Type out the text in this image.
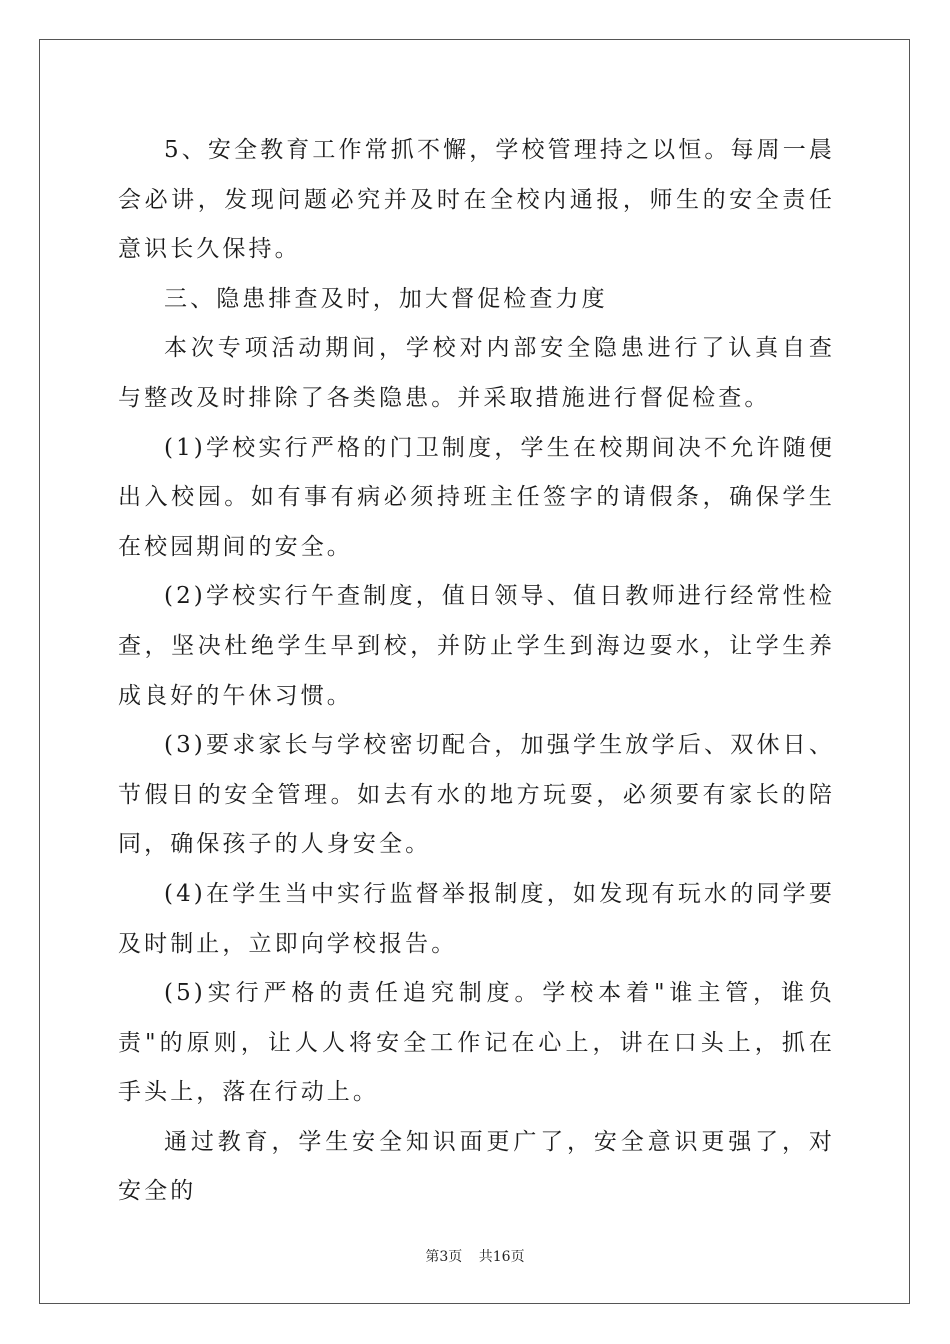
5、安全教育工作常抓不懈，学校管理持之以恒。每周一晨会必讲，发现问题必究并及时在全校内通报，师生的安全责任意识长久保持。

三、隐患排查及时，加大督促检查力度

本次专项活动期间，学校对内部安全隐患进行了认真自查与整改及时排除了各类隐患。并采取措施进行督促检查。

(1)学校实行严格的门卫制度，学生在校期间决不允许随便出入校园。如有事有病必须持班主任签字的请假条，确保学生在校园期间的安全。

(2)学校实行午查制度，值日领导、值日教师进行经常性检查，坚决杜绝学生早到校，并防止学生到海边耍水，让学生养成良好的午休习惯。

(3)要求家长与学校密切配合，加强学生放学后、双休日、节假日的安全管理。如去有水的地方玩耍，必须要有家长的陪同，确保孩子的人身安全。

(4)在学生当中实行监督举报制度，如发现有玩水的同学要及时制止，立即向学校报告。

(5)实行严格的责任追究制度。学校本着"谁主管，谁负责"的原则，让人人将安全工作记在心上，讲在口头上，抓在手头上，落在行动上。

通过教育，学生安全知识面更广了，安全意识更强了，对安全的

第3页 共16页
